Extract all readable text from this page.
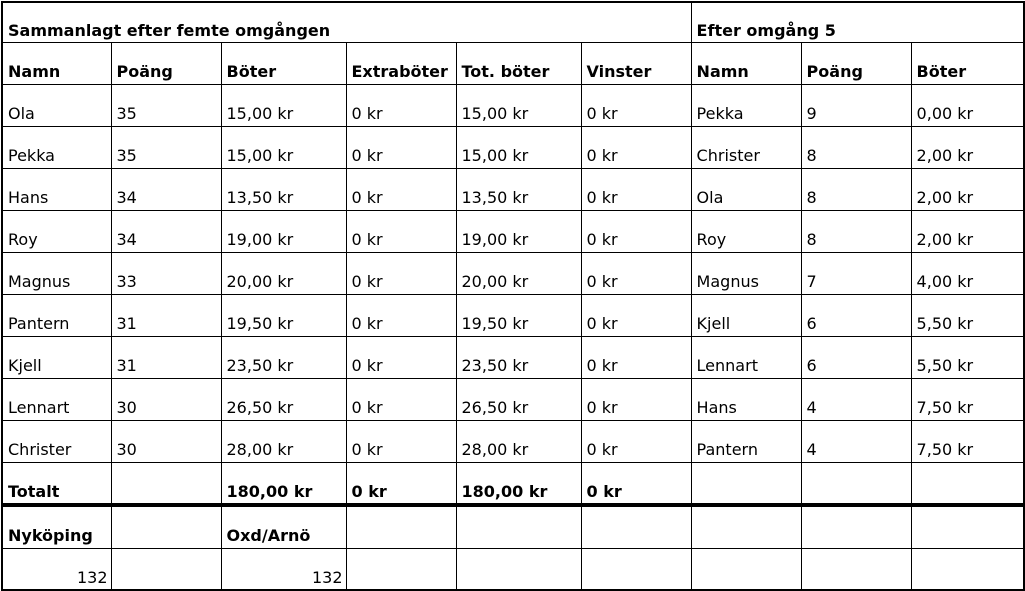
Sammanlagt efter femte omgången						Efter omgång 5		
Namn	Poäng	Böter	Extraböter	Tot. böter	Vinster	Namn	Poäng	Böter
Ola	35	15,00 kr	0 kr	15,00 kr	0 kr	Pekka	9	0,00 kr
Pekka	35	15,00 kr	0 kr	15,00 kr	0 kr	Christer	8	2,00 kr
Hans	34	13,50 kr	0 kr	13,50 kr	0 kr	Ola	8	2,00 kr
Roy	34	19,00 kr	0 kr	19,00 kr	0 kr	Roy	8	2,00 kr
Magnus	33	20,00 kr	0 kr	20,00 kr	0 kr	Magnus	7	4,00 kr
Pantern	31	19,50 kr	0 kr	19,50 kr	0 kr	Kjell	6	5,50 kr
Kjell	31	23,50 kr	0 kr	23,50 kr	0 kr	Lennart	6	5,50 kr
Lennart	30	26,50 kr	0 kr	26,50 kr	0 kr	Hans	4	7,50 kr
Christer	30	28,00 kr	0 kr	28,00 kr	0 kr	Pantern	4	7,50 kr
Totalt		180,00 kr	0 kr	180,00 kr	0 kr			
Nyköping		Oxd/Arnö						
132		132						
